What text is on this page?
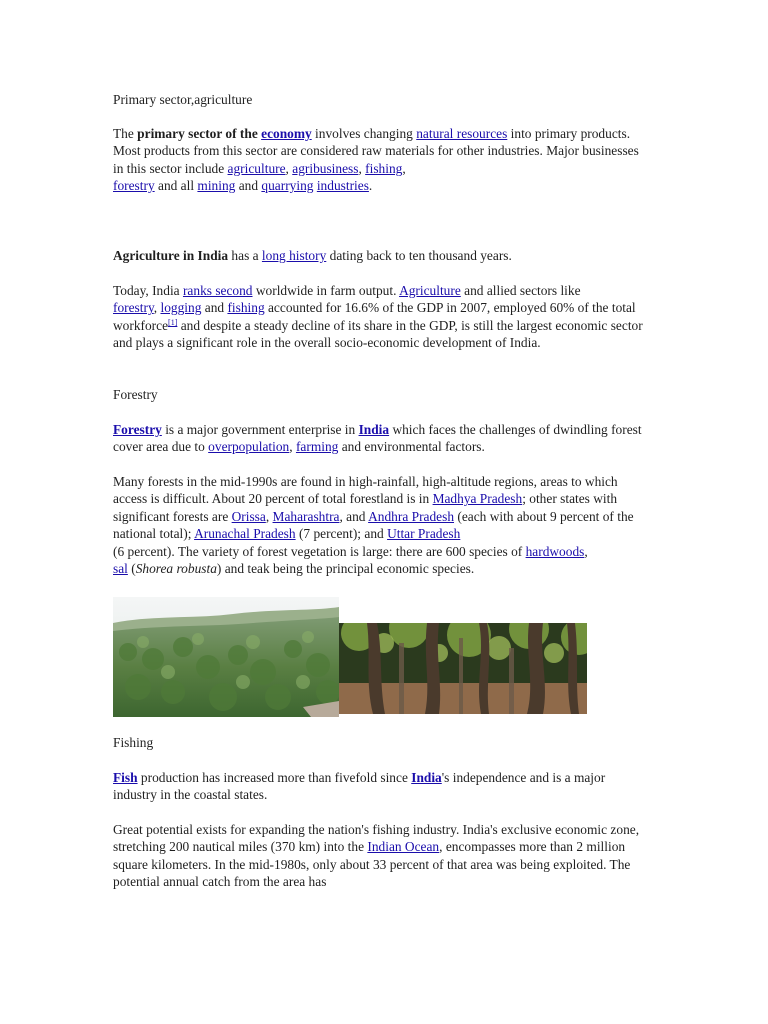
Primary sector,agriculture

The primary sector of the economy involves changing natural resources into primary products. Most products from this sector are considered raw materials for other industries. Major businesses in this sector include agriculture, agribusiness, fishing,
forestry and all mining and quarrying industries.

Agriculture in India has a long history dating back to ten thousand years.

Today, India ranks second worldwide in farm output. Agriculture and allied sectors like
forestry, logging and fishing accounted for 16.6% of the GDP in 2007, employed 60% of the total workforce[1] and despite a steady decline of its share in the GDP, is still the largest economic sector and plays a significant role in the overall socio-economic development of India.

Forestry

Forestry is a major government enterprise in India which faces the challenges of dwindling forest cover area due to overpopulation, farming and environmental factors.

Many forests in the mid-1990s are found in high-rainfall, high-altitude regions, areas to which access is difficult. About 20 percent of total forestland is in Madhya Pradesh; other states with significant forests are Orissa, Maharashtra, and Andhra Pradesh (each with about 9 percent of the national total); Arunachal Pradesh (7 percent); and Uttar Pradesh
(6 percent). The variety of forest vegetation is large: there are 600 species of hardwoods,
sal (Shorea robusta) and teak being the principal economic species.

Fishing

Fish production has increased more than fivefold since India's independence and is a major industry in the coastal states.

Great potential exists for expanding the nation's fishing industry. India's exclusive economic zone, stretching 200 nautical miles (370 km) into the Indian Ocean, encompasses more than 2 million square kilometers. In the mid-1980s, only about 33 percent of that area was being exploited. The potential annual catch from the area has
